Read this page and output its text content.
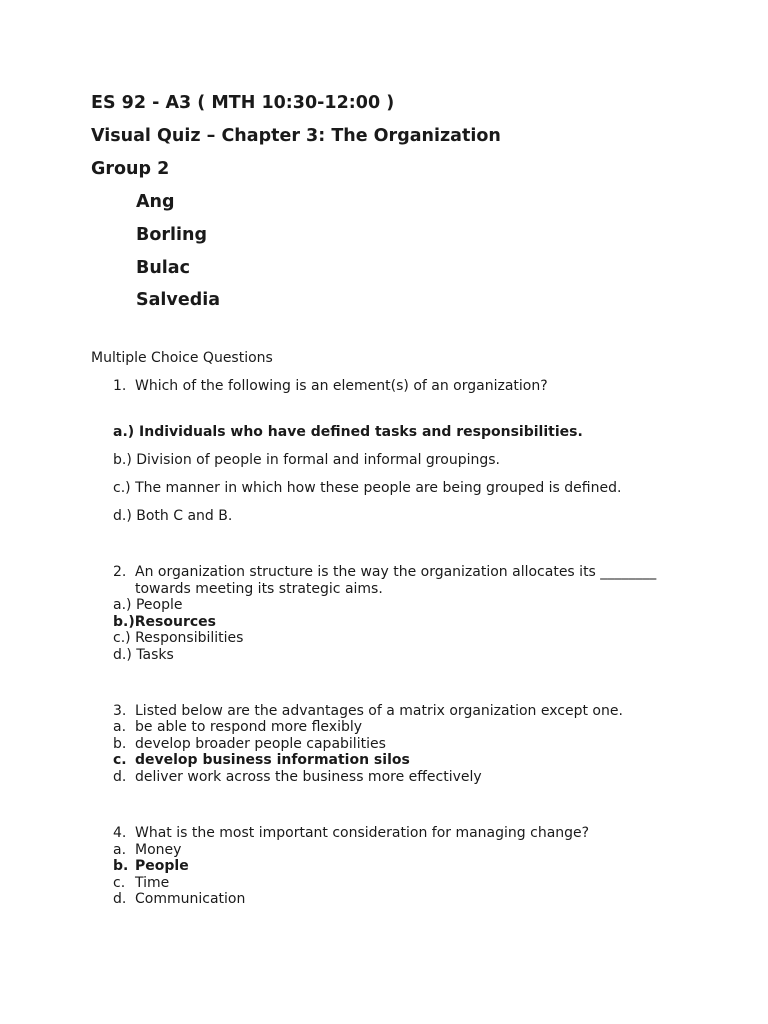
ES 92 - A3 ( MTH 10:30-12:00 )
Visual Quiz – Chapter 3: The Organization
Group 2
Ang
Borling
Bulac
Salvedia
Multiple Choice Questions
1. Which of the following is an element(s) of an organization?
a.) Individuals who have defined tasks and responsibilities.
b.) Division of people in formal and informal groupings.
c.) The manner in which how these people are being grouped is defined.
d.) Both C and B.
2. An organization structure is the way the organization allocates its ________
towards meeting its strategic aims.
a.) People
b.)Resources
c.) Responsibilities
d.) Tasks
3. Listed below are the advantages of a matrix organization except one.
a. be able to respond more flexibly
b. develop broader people capabilities
c. develop business information silos
d. deliver work across the business more effectively
4. What is the most important consideration for managing change?
a. Money
b. People
c. Time
d. Communication
